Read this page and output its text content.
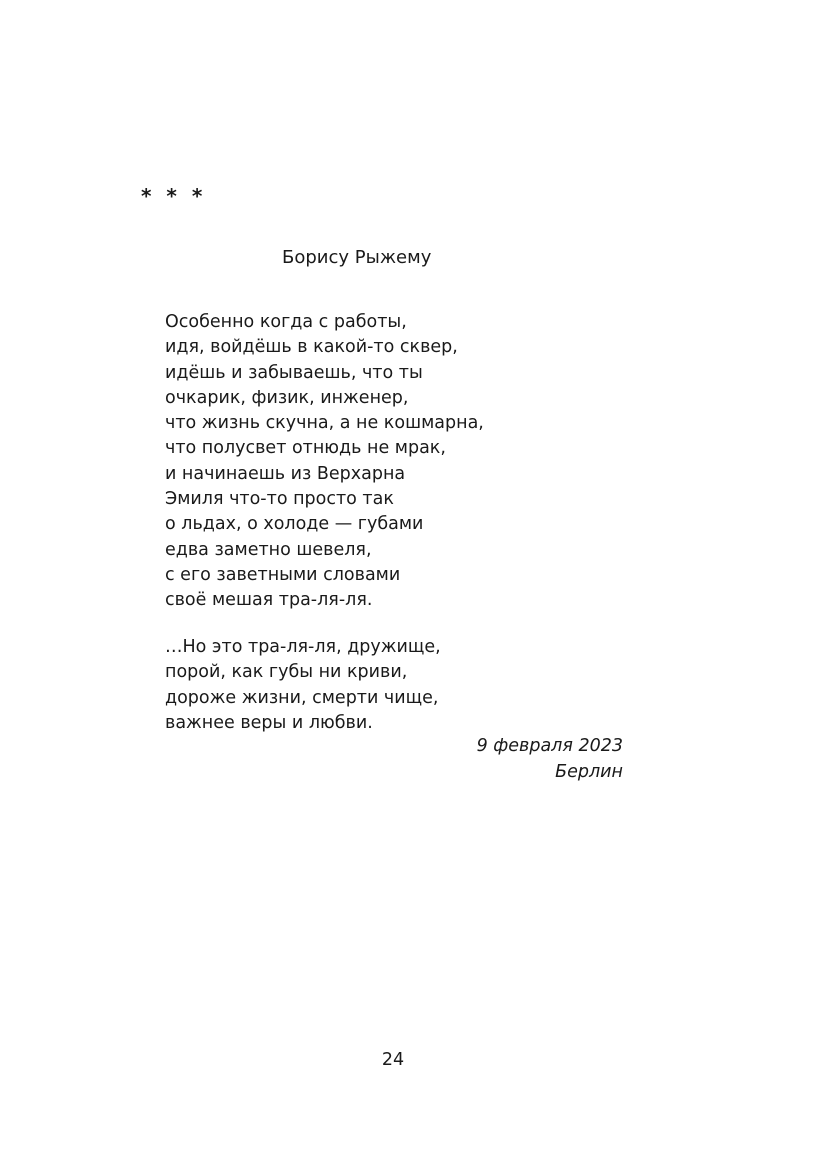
* * *
Борису Рыжему
Особенно когда с работы,
идя, войдёшь в какой-то сквер,
идёшь и забываешь, что ты
очкарик, физик, инженер,
что жизнь скучна, а не кошмарна,
что полусвет отнюдь не мрак,
и начинаешь из Верхарна
Эмиля что-то просто так
о льдах, о холоде — губами
едва заметно шевеля,
с его заветными словами
своё мешая тра-ля-ля.
…Но это тра-ля-ля, дружище,
порой, как губы ни криви,
дороже жизни, смерти чище,
важнее веры и любви.
9 февраля 2023
Берлин
24
